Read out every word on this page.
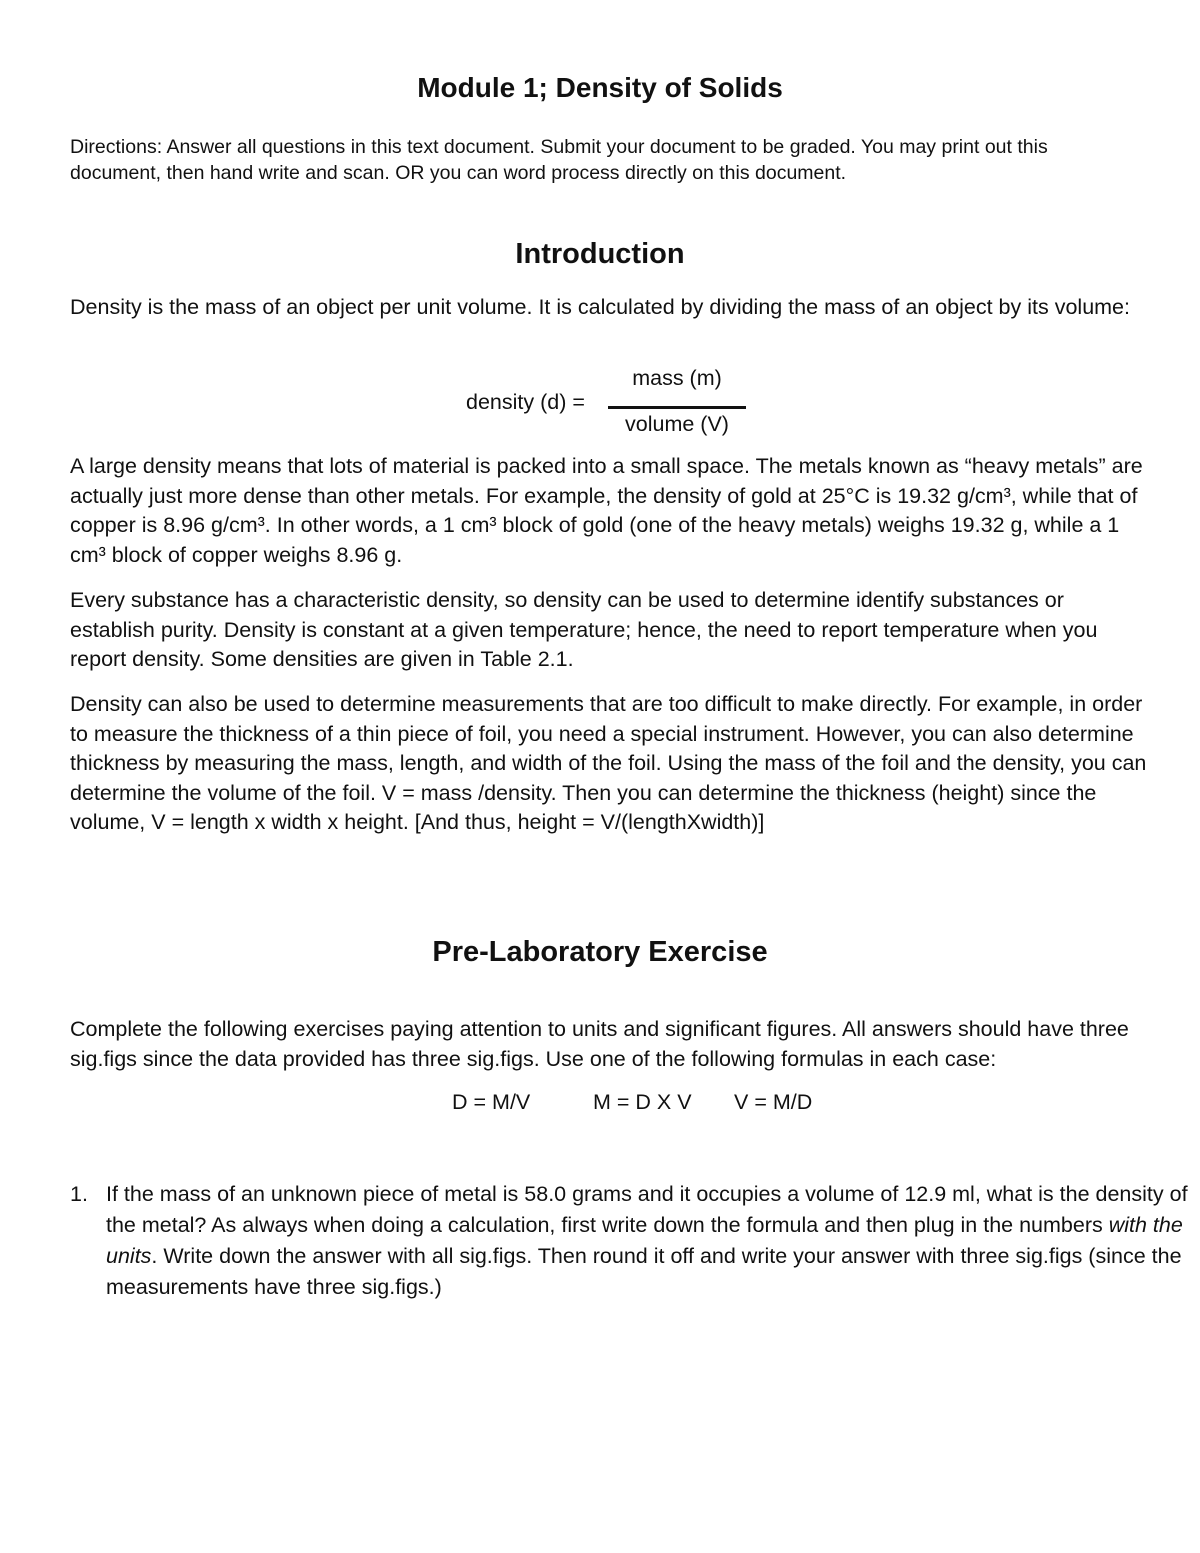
Module 1; Density of Solids

Directions: Answer all questions in this text document. Submit your document to be graded. You may print out this document, then hand write and scan. OR you can word process directly on this document.

Introduction

Density is the mass of an object per unit volume. It is calculated by dividing the mass of an object by its volume:

density (d) =
mass (m)
volume (V)

A large density means that lots of material is packed into a small space. The metals known as “heavy metals” are actually just more dense than other metals. For example, the density of gold at 25°C is 19.32 g/cm³, while that of copper is 8.96 g/cm³. In other words, a 1 cm³ block of gold (one of the heavy metals) weighs 19.32 g, while a 1 cm³ block of copper weighs 8.96 g.

Every substance has a characteristic density, so density can be used to determine identify substances or establish purity. Density is constant at a given temperature; hence, the need to report temperature when you report density. Some densities are given in Table 2.1.

Density can also be used to determine measurements that are too difficult to make directly. For example, in order to measure the thickness of a thin piece of foil, you need a special instrument. However, you can also determine thickness by measuring the mass, length, and width of the foil. Using the mass of the foil and the density, you can determine the volume of the foil. V = mass /density. Then you can determine the thickness (height) since the volume, V = length x width x height. [And thus, height = V/(lengthXwidth)]

Pre-Laboratory Exercise

Complete the following exercises paying attention to units and significant figures. All answers should have three sig.figs since the data provided has three sig.figs. Use one of the following formulas in each case:

D = M/V	M = D X V V = M/D
1. If the mass of an unknown piece of metal is 58.0 grams and it occupies a volume of 12.9 ml, what is the density of the metal? As always when doing a calculation, first write down the formula and then plug in the numbers with the units. Write down the answer with all sig.figs. Then round it off and write your answer with three sig.figs (since the measurements have three sig.figs.)
